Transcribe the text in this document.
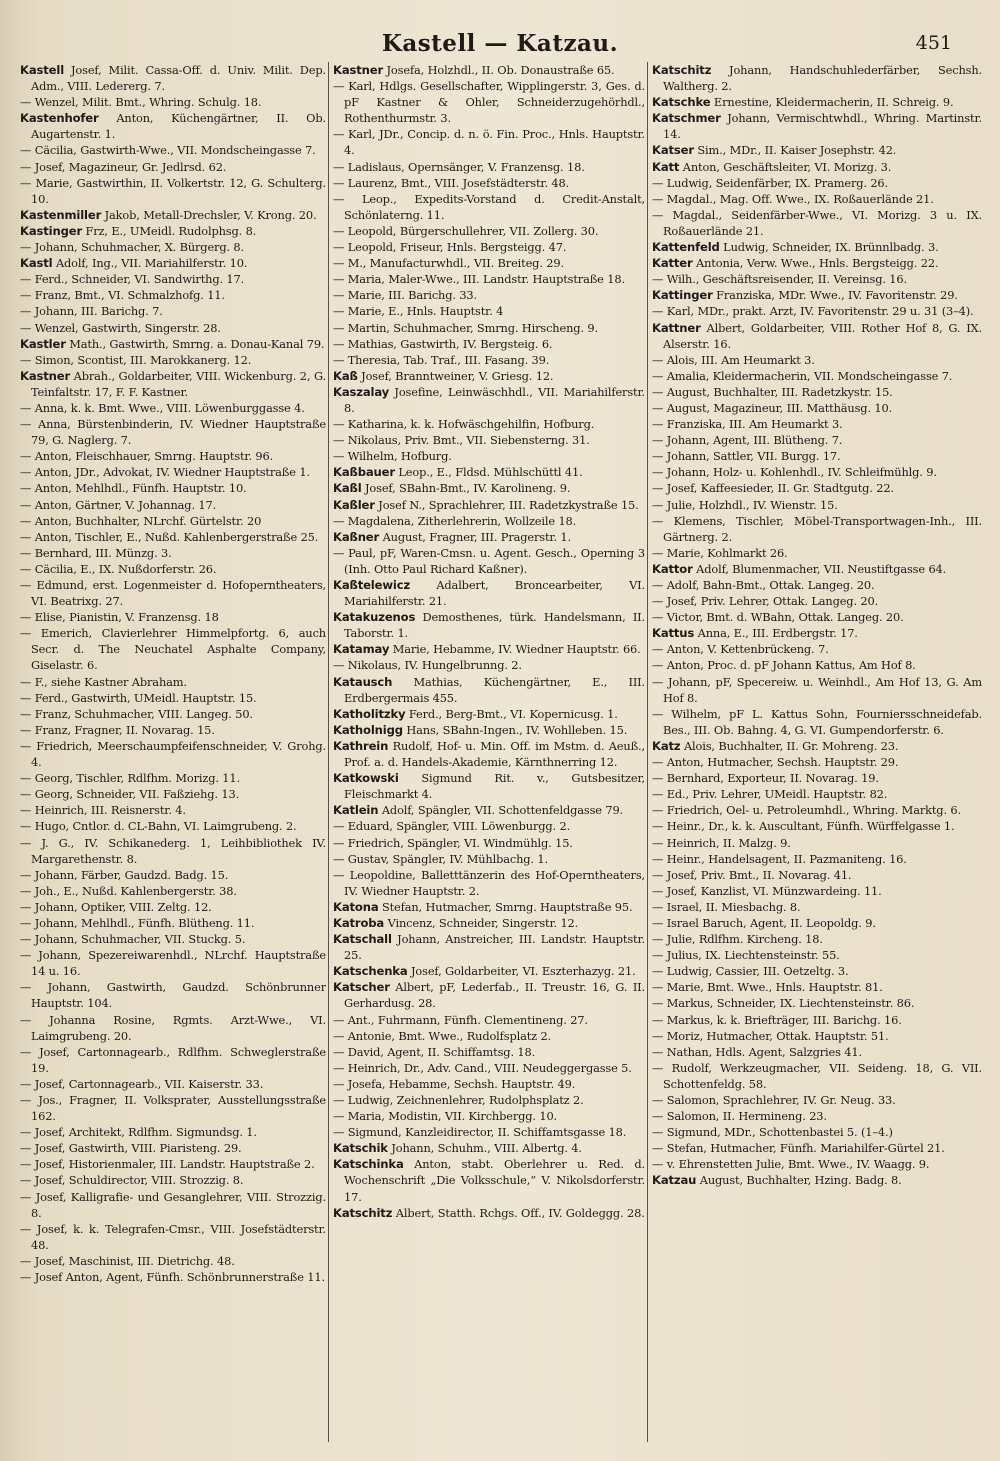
Kastell — Katzau.	451

Kastell Josef, Milit. Cassa-Off. d. Univ. Milit. Dep. Adm., VIII. Ledererg. 7.

— Wenzel, Milit. Bmt., Whring. Schulg. 18.

Kastenhofer Anton, Küchengärtner, II. Ob. Augartenstr. 1.

— Cäcilia, Gastwirth-Wwe., VII. Mondscheingasse 7.

— Josef, Magazineur, Gr. Jedlrsd. 62.

— Marie, Gastwirthin, II. Volkertstr. 12, G. Schulterg. 10.

Kastenmiller Jakob, Metall-Drechsler, V. Krong. 20.

Kastinger Frz, E., UMeidl. Rudolphsg. 8.

— Johann, Schuhmacher, X. Bürgerg. 8.

Kastl Adolf, Ing., VII. Mariahilferstr. 10.

— Ferd., Schneider, VI. Sandwirthg. 17.

— Franz, Bmt., VI. Schmalzhofg. 11.

— Johann, III. Barichg. 7.

— Wenzel, Gastwirth, Singerstr. 28.

Kastler Math., Gastwirth, Smrng. a. Donau-Kanal 79.

— Simon, Scontist, III. Marokkanerg. 12.

Kastner Abrah., Goldarbeiter, VIII. Wickenburg. 2, G. Teinfaltstr. 17, F. F. Kastner.

— Anna, k. k. Bmt. Wwe., VIII. Löwenburggasse 4.

— Anna, Bürstenbinderin, IV. Wiedner Hauptstraße 79, G. Naglerg. 7.

— Anton, Fleischhauer, Smrng. Hauptstr. 96.

— Anton, JDr., Advokat, IV. Wiedner Hauptstraße 1.

— Anton, Mehlhdl., Fünfh. Hauptstr. 10.

— Anton, Gärtner, V. Johannag. 17.

— Anton, Buchhalter, NLrchf. Gürtelstr. 20

— Anton, Tischler, E., Nußd. Kahlenbergerstraße 25.

— Bernhard, III. Münzg. 3.

— Cäcilia, E., IX. Nußdorferstr. 26.

— Edmund, erst. Logenmeister d. Hofoperntheaters, VI. Beatrixg. 27.

— Elise, Pianistin, V. Franzensg. 18

— Emerich, Clavierlehrer Himmelpfortg. 6, auch Secr. d. The Neuchatel Asphalte Company, Giselastr. 6.

— F., siehe Kastner Abraham.

— Ferd., Gastwirth, UMeidl. Hauptstr. 15.

— Franz, Schuhmacher, VIII. Langeg. 50.

— Franz, Fragner, II. Novarag. 15.

— Friedrich, Meerschaumpfeifenschneider, V. Grohg. 4.

— Georg, Tischler, Rdlfhm. Morizg. 11.

— Georg, Schneider, VII. Faßziehg. 13.

— Heinrich, III. Reisnerstr. 4.

— Hugo, Cntlor. d. CL-Bahn, VI. Laimgrubeng. 2.

— J. G., IV. Schikanederg. 1, Leihbibliothek IV. Margarethenstr. 8.

— Johann, Färber, Gaudzd. Badg. 15.

— Joh., E., Nußd. Kahlenbergerstr. 38.

— Johann, Optiker, VIII. Zeltg. 12.

— Johann, Mehlhdl., Fünfh. Blütheng. 11.

— Johann, Schuhmacher, VII. Stuckg. 5.

— Johann, Spezereiwarenhdl., NLrchf. Hauptstraße 14 u. 16.

— Johann, Gastwirth, Gaudzd. Schönbrunner Hauptstr. 104.

— Johanna Rosine, Rgmts. Arzt-Wwe., VI. Laimgrubeng. 20.

— Josef, Cartonnagearb., Rdlfhm. Schweglerstraße 19.

— Josef, Cartonnagearb., VII. Kaiserstr. 33.

— Jos., Fragner, II. Volksprater, Ausstellungsstraße 162.

— Josef, Architekt, Rdlfhm. Sigmundsg. 1.

— Josef, Gastwirth, VIII. Piaristeng. 29.

— Josef, Historienmaler, III. Landstr. Hauptstraße 2.

— Josef, Schuldirector, VIII. Strozzig. 8.

— Josef, Kalligrafie- und Gesanglehrer, VIII. Strozzig. 8.

— Josef, k. k. Telegrafen-Cmsr., VIII. Josefstädterstr. 48.

— Josef, Maschinist, III. Dietrichg. 48.

— Josef Anton, Agent, Fünfh. Schönbrunnerstraße 11.

Kastner Josefa, Holzhdl., II. Ob. Donaustraße 65.

— Karl, Hdlgs. Gesellschafter, Wipplingerstr. 3, Ges. d. pF Kastner & Ohler, Schneiderzugehörhdl., Rothenthurmstr. 3.

— Karl, JDr., Concip. d. n. ö. Fin. Proc., Hnls. Hauptstr. 4.

— Ladislaus, Opernsänger, V. Franzensg. 18.

— Laurenz, Bmt., VIII. Josefstädterstr. 48.

— Leop., Expedits-Vorstand d. Credit-Anstalt, Schönlaterng. 11.

— Leopold, Bürgerschullehrer, VII. Zollerg. 30.

— Leopold, Friseur, Hnls. Bergsteigg. 47.

— M., Manufacturwhdl., VII. Breiteg. 29.

— Maria, Maler-Wwe., III. Landstr. Hauptstraße 18.

— Marie, III. Barichg. 33.

— Marie, E., Hnls. Hauptstr. 4

— Martin, Schuhmacher, Smrng. Hirscheng. 9.

— Mathias, Gastwirth, IV. Bergsteig. 6.

— Theresia, Tab. Traf., III. Fasang. 39.

Kaß Josef, Branntweiner, V. Griesg. 12.

Kaszalay Josefine, Leinwäschhdl., VII. Mariahilferstr. 8.

— Katharina, k. k. Hofwäschgehilfin, Hofburg.

— Nikolaus, Priv. Bmt., VII. Siebensterng. 31.

— Wilhelm, Hofburg.

Kaßbauer Leop., E., Fldsd. Mühlschüttl 41.

Kaßl Josef, SBahn-Bmt., IV. Karolineng. 9.

Kaßler Josef N., Sprachlehrer, III. Radetzkystraße 15.

— Magdalena, Zitherlehrerin, Wollzeile 18.

Kaßner August, Fragner, III. Pragerstr. 1.

— Paul, pF, Waren-Cmsn. u. Agent. Gesch., Operning 3 (Inh. Otto Paul Richard Kaßner).

Kaßtelewicz Adalbert, Broncearbeiter, VI. Mariahilferstr. 21.

Katakuzenos Demosthenes, türk. Handelsmann, II. Taborstr. 1.

Katamay Marie, Hebamme, IV. Wiedner Hauptstr. 66.

— Nikolaus, IV. Hungelbrunng. 2.

Katausch Mathias, Küchengärtner, E., III. Erdbergermais 455.

Katholitzky Ferd., Berg-Bmt., VI. Kopernicusg. 1.

Katholnigg Hans, SBahn-Ingen., IV. Wohlleben. 15.

Kathrein Rudolf, Hof- u. Min. Off. im Mstm. d. Aeuß., Prof. a. d. Handels-Akademie, Kärnthnerring 12.

Katkowski Sigmund Rit. v., Gutsbesitzer, Fleischmarkt 4.

Katlein Adolf, Spängler, VII. Schottenfeldgasse 79.

— Eduard, Spängler, VIII. Löwenburgg. 2.

— Friedrich, Spängler, VI. Windmühlg. 15.

— Gustav, Spängler, IV. Mühlbachg. 1.

— Leopoldine, Balletttänzerin des Hof-Operntheaters, IV. Wiedner Hauptstr. 2.

Katona Stefan, Hutmacher, Smrng. Hauptstraße 95.

Katroba Vincenz, Schneider, Singerstr. 12.

Katschall Johann, Anstreicher, III. Landstr. Hauptstr. 25.

Katschenka Josef, Goldarbeiter, VI. Eszterhazyg. 21.

Katscher Albert, pF, Lederfab., II. Treustr. 16, G. II. Gerhardusg. 28.

— Ant., Fuhrmann, Fünfh. Clementineng. 27.

— Antonie, Bmt. Wwe., Rudolfsplatz 2.

— David, Agent, II. Schiffamtsg. 18.

— Heinrich, Dr., Adv. Cand., VIII. Neudeggergasse 5.

— Josefa, Hebamme, Sechsh. Hauptstr. 49.

— Ludwig, Zeichnenlehrer, Rudolphsplatz 2.

— Maria, Modistin, VII. Kirchbergg. 10.

— Sigmund, Kanzleidirector, II. Schiffamtsgasse 18.

Katschik Johann, Schuhm., VIII. Albertg. 4.

Katschinka Anton, stabt. Oberlehrer u. Red. d. Wochenschrift „Die Volksschule,“ V. Nikolsdorferstr. 17.

Katschitz Albert, Statth. Rchgs. Off., IV. Goldeggg. 28.

Katschitz Johann, Handschuhlederfärber, Sechsh. Waltherg. 2.

Katschke Ernestine, Kleidermacherin, II. Schreig. 9.

Katschmer Johann, Vermischtwhdl., Whring. Martinstr. 14.

Katser Sim., MDr., II. Kaiser Josephstr. 42.

Katt Anton, Geschäftsleiter, VI. Morizg. 3.

— Ludwig, Seidenfärber, IX. Pramerg. 26.

— Magdal., Mag. Off. Wwe., IX. Roßauerlände 21.

— Magdal., Seidenfärber-Wwe., VI. Morizg. 3 u. IX. Roßauerlände 21.

Kattenfeld Ludwig, Schneider, IX. Brünnlbadg. 3.

Katter Antonia, Verw. Wwe., Hnls. Bergsteigg. 22.

— Wilh., Geschäftsreisender, II. Vereinsg. 16.

Kattinger Franziska, MDr. Wwe., IV. Favoritenstr. 29.

— Karl, MDr., prakt. Arzt, IV. Favoritenstr. 29 u. 31 (3–4).

Kattner Albert, Goldarbeiter, VIII. Rother Hof 8, G. IX. Alserstr. 16.

— Alois, III. Am Heumarkt 3.

— Amalia, Kleidermacherin, VII. Mondscheingasse 7.

— August, Buchhalter, III. Radetzkystr. 15.

— August, Magazineur, III. Matthäusg. 10.

— Franziska, III. Am Heumarkt 3.

— Johann, Agent, III. Blütheng. 7.

— Johann, Sattler, VII. Burgg. 17.

— Johann, Holz- u. Kohlenhdl., IV. Schleifmühlg. 9.

— Josef, Kaffeesieder, II. Gr. Stadtgutg. 22.

— Julie, Holzhdl., IV. Wienstr. 15.

— Klemens, Tischler, Möbel-Transportwagen-Inh., III. Gärtnerg. 2.

— Marie, Kohlmarkt 26.

Kattor Adolf, Blumenmacher, VII. Neustiftgasse 64.

— Adolf, Bahn-Bmt., Ottak. Langeg. 20.

— Josef, Priv. Lehrer, Ottak. Langeg. 20.

— Victor, Bmt. d. WBahn, Ottak. Langeg. 20.

Kattus Anna, E., III. Erdbergstr. 17.

— Anton, V. Kettenbrückeng. 7.

— Anton, Proc. d. pF Johann Kattus, Am Hof 8.

— Johann, pF, Specereiw. u. Weinhdl., Am Hof 13, G. Am Hof 8.

— Wilhelm, pF L. Kattus Sohn, Fourniersschneidefab. Bes., III. Ob. Bahng. 4, G. VI. Gumpendorferstr. 6.

Katz Alois, Buchhalter, II. Gr. Mohreng. 23.

— Anton, Hutmacher, Sechsh. Hauptstr. 29.

— Bernhard, Exporteur, II. Novarag. 19.

— Ed., Priv. Lehrer, UMeidl. Hauptstr. 82.

— Friedrich, Oel- u. Petroleumhdl., Whring. Marktg. 6.

— Heinr., Dr., k. k. Auscultant, Fünfh. Würffelgasse 1.

— Heinrich, II. Malzg. 9.

— Heinr., Handelsagent, II. Pazmaniteng. 16.

— Josef, Priv. Bmt., II. Novarag. 41.

— Josef, Kanzlist, VI. Münzwardeing. 11.

— Israel, II. Miesbachg. 8.

— Israel Baruch, Agent, II. Leopoldg. 9.

— Julie, Rdlfhm. Kircheng. 18.

— Julius, IX. Liechtensteinstr. 55.

— Ludwig, Cassier, III. Oetzeltg. 3.

— Marie, Bmt. Wwe., Hnls. Hauptstr. 81.

— Markus, Schneider, IX. Liechtensteinstr. 86.

— Markus, k. k. Briefträger, III. Barichg. 16.

— Moriz, Hutmacher, Ottak. Hauptstr. 51.

— Nathan, Hdls. Agent, Salzgries 41.

— Rudolf, Werkzeugmacher, VII. Seideng. 18, G. VII. Schottenfeldg. 58.

— Salomon, Sprachlehrer, IV. Gr. Neug. 33.

— Salomon, II. Hermineng. 23.

— Sigmund, MDr., Schottenbastei 5. (1–4.)

— Stefan, Hutmacher, Fünfh. Mariahilfer-Gürtel 21.

— v. Ehrenstetten Julie, Bmt. Wwe., IV. Waagg. 9.

Katzau August, Buchhalter, Hzing. Badg. 8.
